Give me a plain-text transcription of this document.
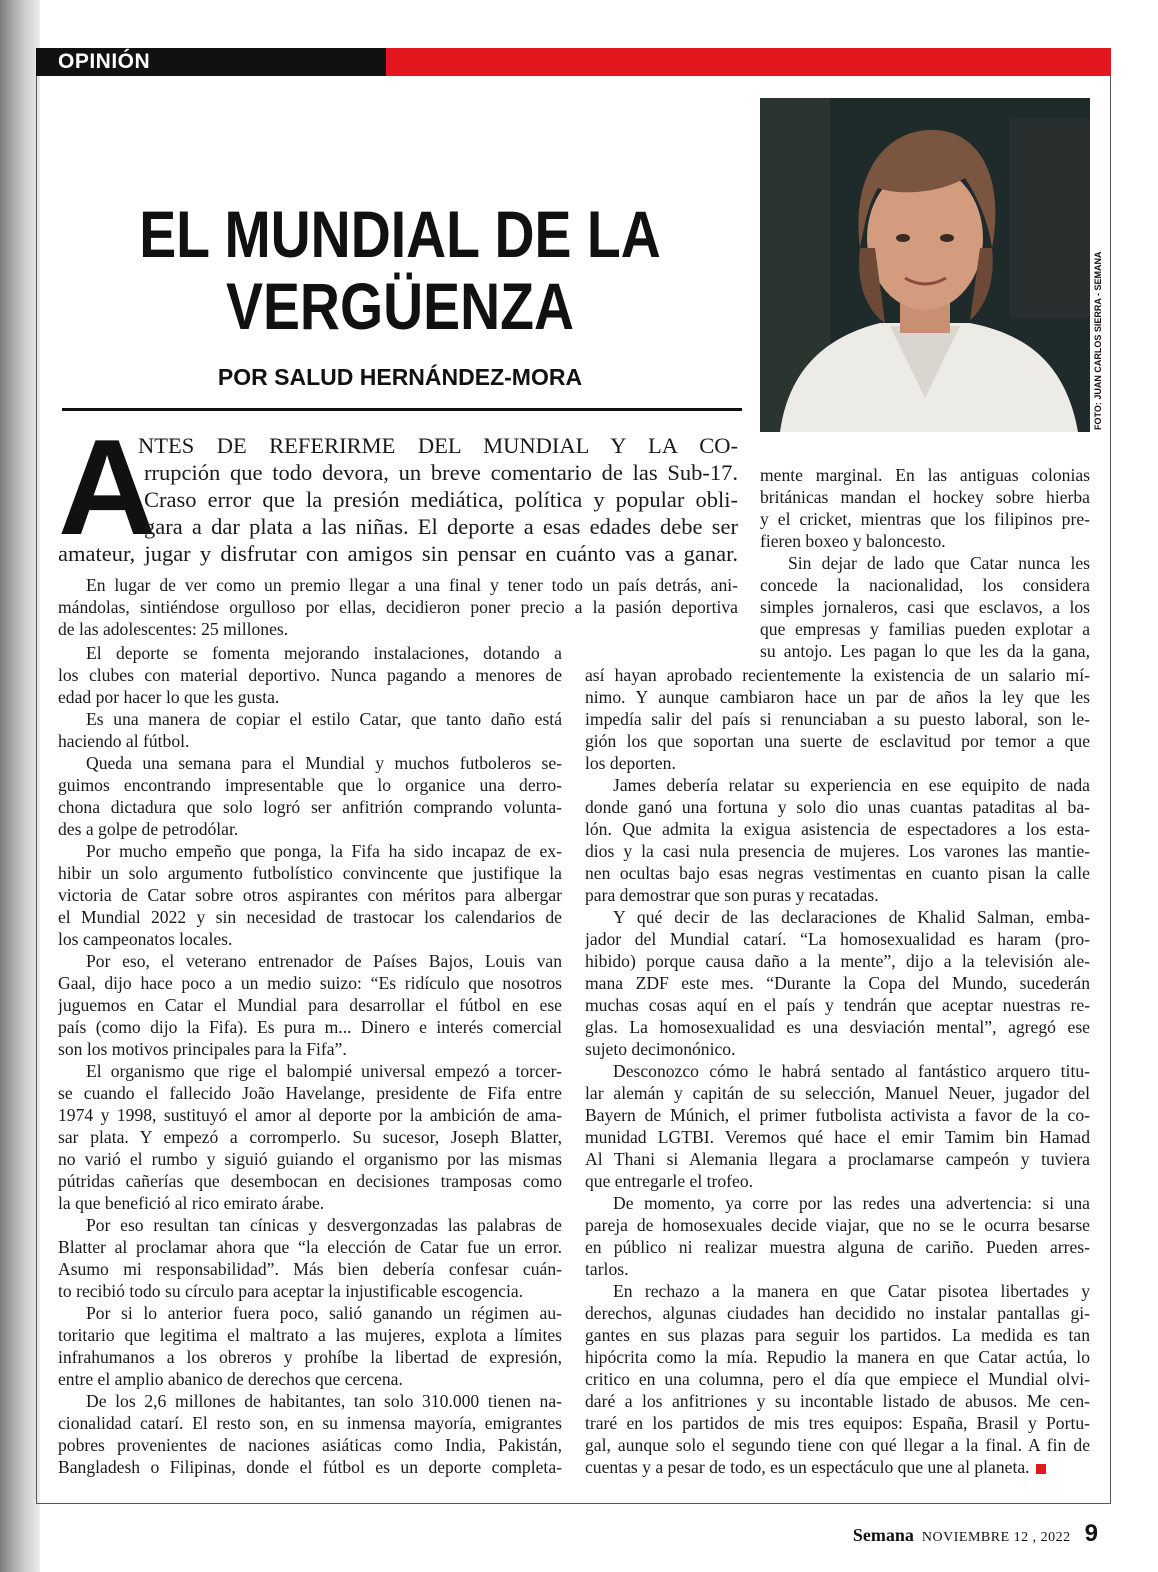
OPINIÓN
EL MUNDIAL DE LA
VERGÜENZA
POR SALUD HERNÁNDEZ-MORA	FOTO: JUAN CARLOS SIERRA - SEMANA
A
NTES DE REFERIRME DEL MUNDIAL Y LA CO-
rrupción que todo devora, un breve comentario de las Sub-17.
Craso error que la presión mediática, política y popular obli-
gara a dar plata a las niñas. El deporte a esas edades debe ser
amateur, jugar y disfrutar con amigos sin pensar en cuánto vas a ganar.
En lugar de ver como un premio llegar a una final y tener todo un país detrás, ani-
mándolas, sintiéndose orgulloso por ellas, decidieron poner precio a la pasión deportiva
de las adolescentes: 25 millones.
El deporte se fomenta mejorando instalaciones, dotando a
los clubes con material deportivo. Nunca pagando a menores de
edad por hacer lo que les gusta.
Es una manera de copiar el estilo Catar, que tanto daño está
haciendo al fútbol.
Queda una semana para el Mundial y muchos futboleros se-
guimos encontrando impresentable que lo organice una derro-
chona dictadura que solo logró ser anfitrión comprando volunta-
des a golpe de petrodólar.
Por mucho empeño que ponga, la Fifa ha sido incapaz de ex-
hibir un solo argumento futbolístico convincente que justifique la
victoria de Catar sobre otros aspirantes con méritos para albergar
el Mundial 2022 y sin necesidad de trastocar los calendarios de
los campeonatos locales.
Por eso, el veterano entrenador de Países Bajos, Louis van
Gaal, dijo hace poco a un medio suizo: “Es ridículo que nosotros
juguemos en Catar el Mundial para desarrollar el fútbol en ese
país (como dijo la Fifa). Es pura m... Dinero e interés comercial
son los motivos principales para la Fifa”.
El organismo que rige el balompié universal empezó a torcer-
se cuando el fallecido João Havelange, presidente de Fifa entre
1974 y 1998, sustituyó el amor al deporte por la ambición de ama-
sar plata. Y empezó a corromperlo. Su sucesor, Joseph Blatter,
no varió el rumbo y siguió guiando el organismo por las mismas
pútridas cañerías que desembocan en decisiones tramposas como
la que benefició al rico emirato árabe.
Por eso resultan tan cínicas y desvergonzadas las palabras de
Blatter al proclamar ahora que “la elección de Catar fue un error.
Asumo mi responsabilidad”. Más bien debería confesar cuán-
to recibió todo su círculo para aceptar la injustificable escogencia.
Por si lo anterior fuera poco, salió ganando un régimen au-
toritario que legitima el maltrato a las mujeres, explota a límites
infrahumanos a los obreros y prohíbe la libertad de expresión,
entre el amplio abanico de derechos que cercena.
De los 2,6 millones de habitantes, tan solo 310.000 tienen na-
cionalidad catarí. El resto son, en su inmensa mayoría, emigrantes
pobres provenientes de naciones asiáticas como India, Pakistán,
Bangladesh o Filipinas, donde el fútbol es un deporte completa-
mente marginal. En las antiguas colonias
británicas mandan el hockey sobre hierba
y el cricket, mientras que los filipinos pre-
fieren boxeo y baloncesto.
Sin dejar de lado que Catar nunca les
concede la nacionalidad, los considera
simples jornaleros, casi que esclavos, a los
que empresas y familias pueden explotar a
su antojo. Les pagan lo que les da la gana,
así hayan aprobado recientemente la existencia de un salario mí-
nimo. Y aunque cambiaron hace un par de años la ley que les
impedía salir del país si renunciaban a su puesto laboral, son le-
gión los que soportan una suerte de esclavitud por temor a que
los deporten.
James debería relatar su experiencia en ese equipito de nada
donde ganó una fortuna y solo dio unas cuantas pataditas al ba-
lón. Que admita la exigua asistencia de espectadores a los esta-
dios y la casi nula presencia de mujeres. Los varones las mantie-
nen ocultas bajo esas negras vestimentas en cuanto pisan la calle
para demostrar que son puras y recatadas.
Y qué decir de las declaraciones de Khalid Salman, emba-
jador del Mundial catarí. “La homosexualidad es haram (pro-
hibido) porque causa daño a la mente”, dijo a la televisión ale-
mana ZDF este mes. “Durante la Copa del Mundo, sucederán
muchas cosas aquí en el país y tendrán que aceptar nuestras re-
glas. La homosexualidad es una desviación mental”, agregó ese
sujeto decimonónico.
Desconozco cómo le habrá sentado al fantástico arquero titu-
lar alemán y capitán de su selección, Manuel Neuer, jugador del
Bayern de Múnich, el primer futbolista activista a favor de la co-
munidad LGTBI. Veremos qué hace el emir Tamim bin Hamad
Al Thani si Alemania llegara a proclamarse campeón y tuviera
que entregarle el trofeo.
De momento, ya corre por las redes una advertencia: si una
pareja de homosexuales decide viajar, que no se le ocurra besarse
en público ni realizar muestra alguna de cariño. Pueden arres-
tarlos.
En rechazo a la manera en que Catar pisotea libertades y
derechos, algunas ciudades han decidido no instalar pantallas gi-
gantes en sus plazas para seguir los partidos. La medida es tan
hipócrita como la mía. Repudio la manera en que Catar actúa, lo
critico en una columna, pero el día que empiece el Mundial olvi-
daré a los anfitriones y su incontable listado de abusos. Me cen-
traré en los partidos de mis tres equipos: España, Brasil y Portu-
gal, aunque solo el segundo tiene con qué llegar a la final. A fin de
cuentas y a pesar de todo, es un espectáculo que une al planeta.
Semana NOVIEMBRE 12 , 2022 9
